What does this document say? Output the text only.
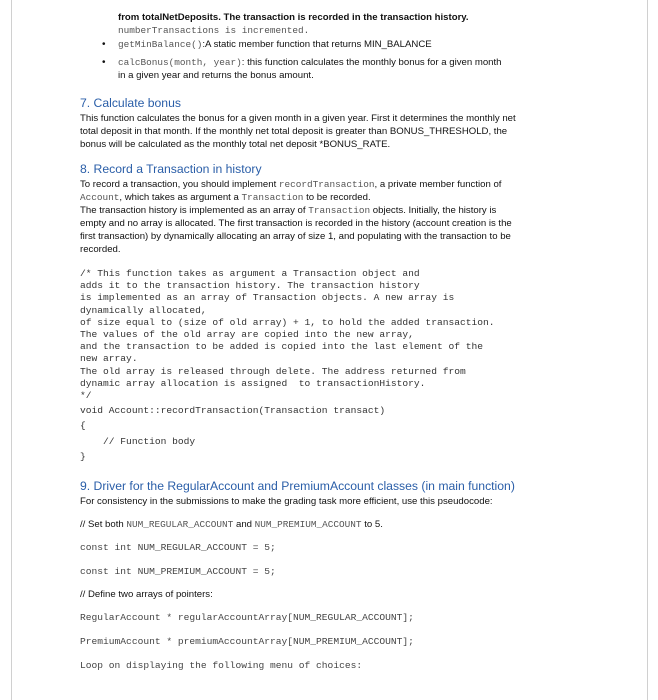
from totalNetDeposits. The transaction is recorded in the transaction history.

numberTransactions is incremented.

• getMinBalance():A static member function that returns MIN_BALANCE
• calcBonus(month, year): this function calculates the monthly bonus for a given month
in a given year and returns the bonus amount.
7. Calculate bonus

This function calculates the bonus for a given month in a given year. First it determines the monthly net

total deposit in that month. If the monthly net total deposit is greater than BONUS_THRESHOLD, the

bonus will be calculated as the monthly total net deposit *BONUS_RATE.

8. Record a Transaction in history

To record a transaction, you should implement recordTransaction, a private member function of

Account, which takes as argument a Transaction to be recorded.

The transaction history is implemented as an array of Transaction objects. Initially, the history is

empty and no array is allocated. The first transaction is recorded in the history (account creation is the

first transaction) by dynamically allocating an array of size 1, and populating with the transaction to be

recorded.

/* This function takes as argument a Transaction object and

adds it to the transaction history. The transaction history

is implemented as an array of Transaction objects. A new array is

dynamically allocated,

of size equal to (size of old array) + 1, to hold the added transaction.

The values of the old array are copied into the new array,

and the transaction to be added is copied into the last element of the

new array.

The old array is released through delete. The address returned from

dynamic array allocation is assigned  to transactionHistory.

*/

void Account::recordTransaction(Transaction transact)

{

// Function body

}

9. Driver for the RegularAccount and PremiumAccount classes (in main function)

For consistency in the submissions to make the grading task more efficient, use this pseudocode:

// Set both NUM_REGULAR_ACCOUNT and NUM_PREMIUM_ACCOUNT to 5.

const int NUM_REGULAR_ACCOUNT = 5;

const int NUM_PREMIUM_ACCOUNT = 5;

// Define two arrays of pointers:

RegularAccount * regularAccountArray[NUM_REGULAR_ACCOUNT];

PremiumAccount * premiumAccountArray[NUM_PREMIUM_ACCOUNT];

Loop on displaying the following menu of choices:
